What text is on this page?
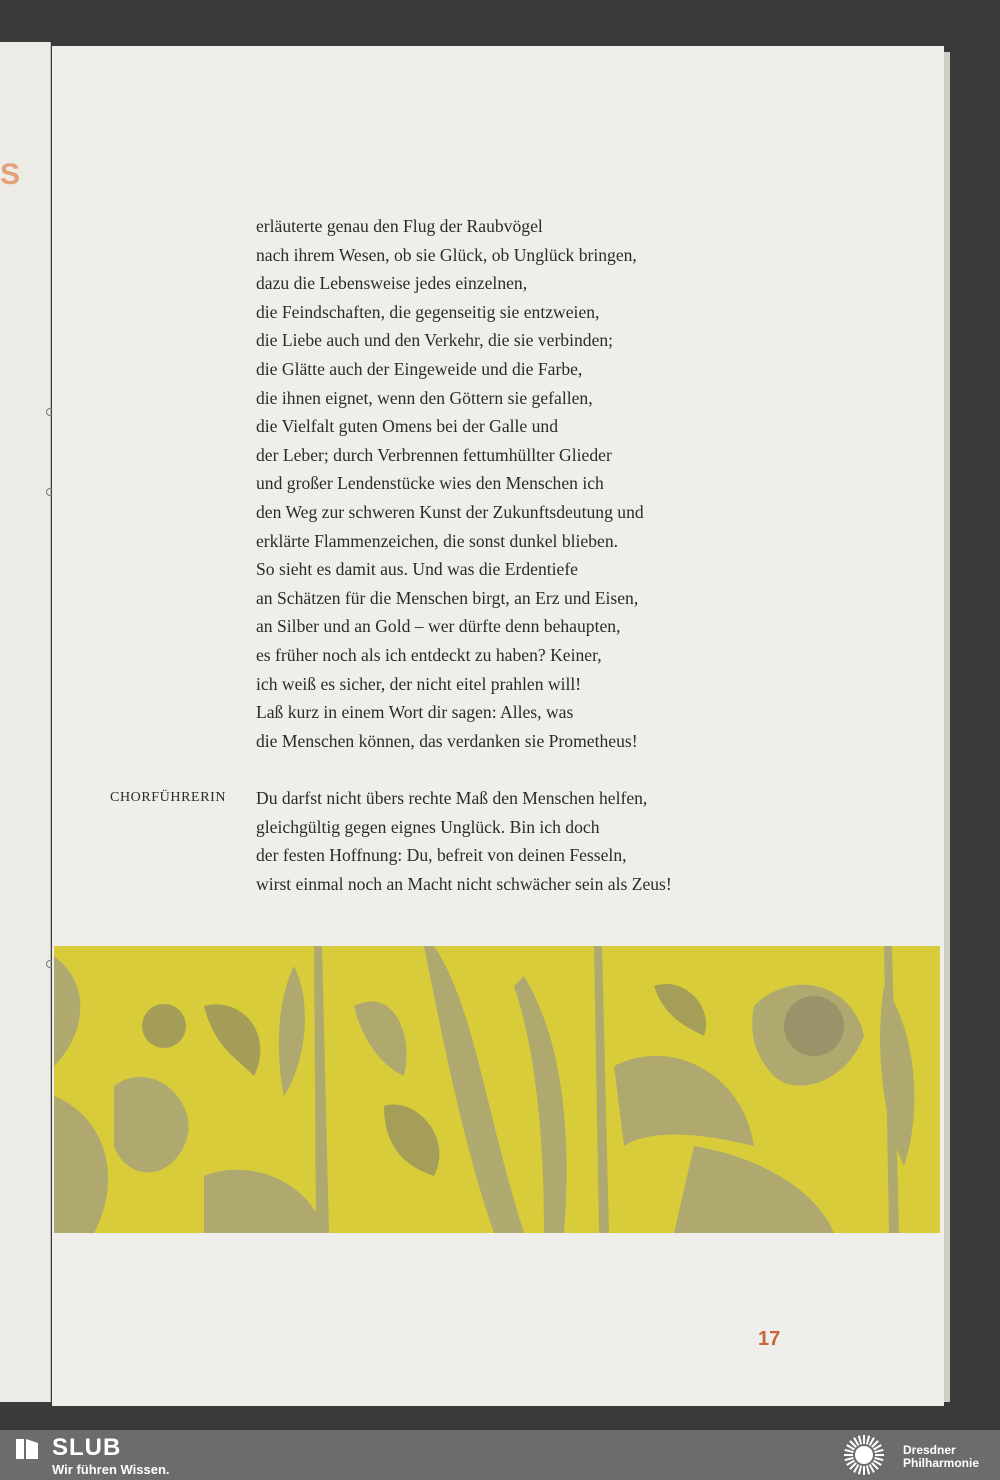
S
erläuterte genau den Flug der Raubvögel
nach ihrem Wesen, ob sie Glück, ob Unglück bringen,
dazu die Lebensweise jedes einzelnen,
die Feindschaften, die gegenseitig sie entzweien,
die Liebe auch und den Verkehr, die sie verbinden;
die Glätte auch der Eingeweide und die Farbe,
die ihnen eignet, wenn den Göttern sie gefallen,
die Vielfalt guten Omens bei der Galle und
der Leber; durch Verbrennen fettumhüllter Glieder
und großer Lendenstücke wies den Menschen ich
den Weg zur schweren Kunst der Zukunftsdeutung und
erklärte Flammenzeichen, die sonst dunkel blieben.
So sieht es damit aus. Und was die Erdentiefe
an Schätzen für die Menschen birgt, an Erz und Eisen,
an Silber und an Gold – wer dürfte denn behaupten,
es früher noch als ich entdeckt zu haben? Keiner,
ich weiß es sicher, der nicht eitel prahlen will!
Laß kurz in einem Wort dir sagen: Alles, was
die Menschen können, das verdanken sie Prometheus!
CHORFÜHRERIN Du darfst nicht übers rechte Maß den Menschen helfen,
gleichgültig gegen eignes Unglück. Bin ich doch
der festen Hoffnung: Du, befreit von deinen Fesseln,
wirst einmal noch an Macht nicht schwächer sein als Zeus!
17
SLUB
Wir führen Wissen.
Dresdner
Philharmonie
